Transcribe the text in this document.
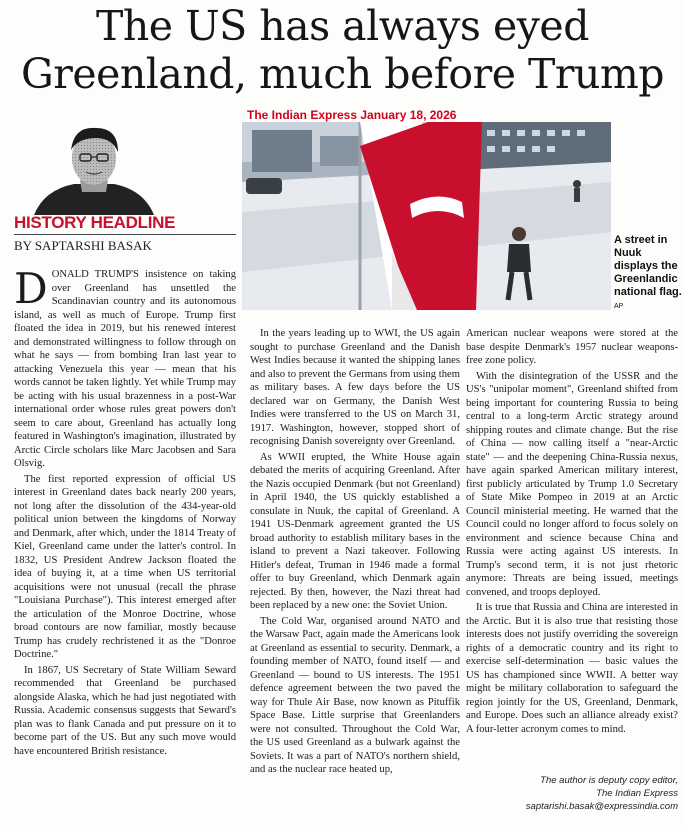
The US has always eyed
Greenland, much before Trump
HISTORY HEADLINE
BY SAPTARSHI BASAK
The Indian Express January 18, 2026
A street in Nuuk displays the Greenlandic national flag. AP

DONALD TRUMP'S insistence on taking over Greenland has unsettled the Scandinavian country and its autonomous island, as well as much of Europe. Trump first floated the idea in 2019, but his renewed interest and demonstrated willingness to follow through on what he says — from bombing Iran last year to attacking Venezuela this year — mean that his words cannot be taken lightly. Yet while Trump may be acting with his usual brazenness in a post-War international order whose rules great powers don't seem to care about, Greenland has actually long featured in Washington's imagination, illustrated by Arctic Circle scholars like Marc Jacobsen and Sara Olsvig.

The first reported expression of official US interest in Greenland dates back nearly 200 years, not long after the dissolution of the 434-year-old political union between the kingdoms of Norway and Denmark, after which, under the 1814 Treaty of Kiel, Greenland came under the latter's control. In 1832, US President Andrew Jackson floated the idea of buying it, at a time when US territorial acquisitions were not unusual (recall the phrase "Louisiana Purchase"). This interest emerged after the articulation of the Monroe Doctrine, whose broad contours are now familiar, mostly because Trump has crudely rechristened it as the "Donroe Doctrine."

In 1867, US Secretary of State William Seward recommended that Greenland be purchased alongside Alaska, which he had just negotiated with Russia. Academic consensus suggests that Seward's plan was to flank Canada and put pressure on it to become part of the US. But any such move would have encountered British resistance.

In the years leading up to WWI, the US again sought to purchase Greenland and the Danish West Indies because it wanted the shipping lanes and also to prevent the Germans from using them as military bases. A few days before the US declared war on Germany, the Danish West Indies were transferred to the US on March 31, 1917. Washington, however, stopped short of recognising Danish sovereignty over Greenland.

As WWII erupted, the White House again debated the merits of acquiring Greenland. After the Nazis occupied Denmark (but not Greenland) in April 1940, the US quickly established a consulate in Nuuk, the capital of Greenland. A 1941 US-Denmark agreement granted the US broad authority to establish military bases in the island to prevent a Nazi takeover. Following Hitler's defeat, Truman in 1946 made a formal offer to buy Greenland, which Denmark again rejected. By then, however, the Nazi threat had been replaced by a new one: the Soviet Union.

The Cold War, organised around NATO and the Warsaw Pact, again made the Americans look at Greenland as essential to security. Denmark, a founding member of NATO, found itself — and Greenland — bound to US interests. The 1951 defence agreement between the two paved the way for Thule Air Base, now known as Pituffik Space Base. Little surprise that Greenlanders were not consulted. Throughout the Cold War, the US used Greenland as a bulwark against the Soviets. It was a part of NATO's northern shield, and as the nuclear race heated up,

American nuclear weapons were stored at the base despite Denmark's 1957 nuclear weapons-free zone policy.

With the disintegration of the USSR and the US's "unipolar moment", Greenland shifted from being important for countering Russia to being central to a long-term Arctic strategy around shipping routes and climate change. But the rise of China — now calling itself a "near-Arctic state" — and the deepening China-Russia nexus, have again sparked American military interest, first publicly articulated by Trump 1.0 Secretary of State Mike Pompeo in 2019 at an Arctic Council ministerial meeting. He warned that the Council could no longer afford to focus solely on environment and science because China and Russia were acting against US interests. In Trump's second term, it is not just rhetoric anymore: Threats are being issued, meetings convened, and troops deployed.

It is true that Russia and China are interested in the Arctic. But it is also true that resisting those interests does not justify overriding the sovereign rights of a democratic country and its right to exercise self-determination — basic values the US has championed since WWII. A better way might be military collaboration to safeguard the region jointly for the US, Greenland, Denmark, and Europe. Does such an alliance already exist? A four-letter acronym comes to mind.

The author is deputy copy editor,
The Indian Express
saptarishi.basak@expressindia.com
